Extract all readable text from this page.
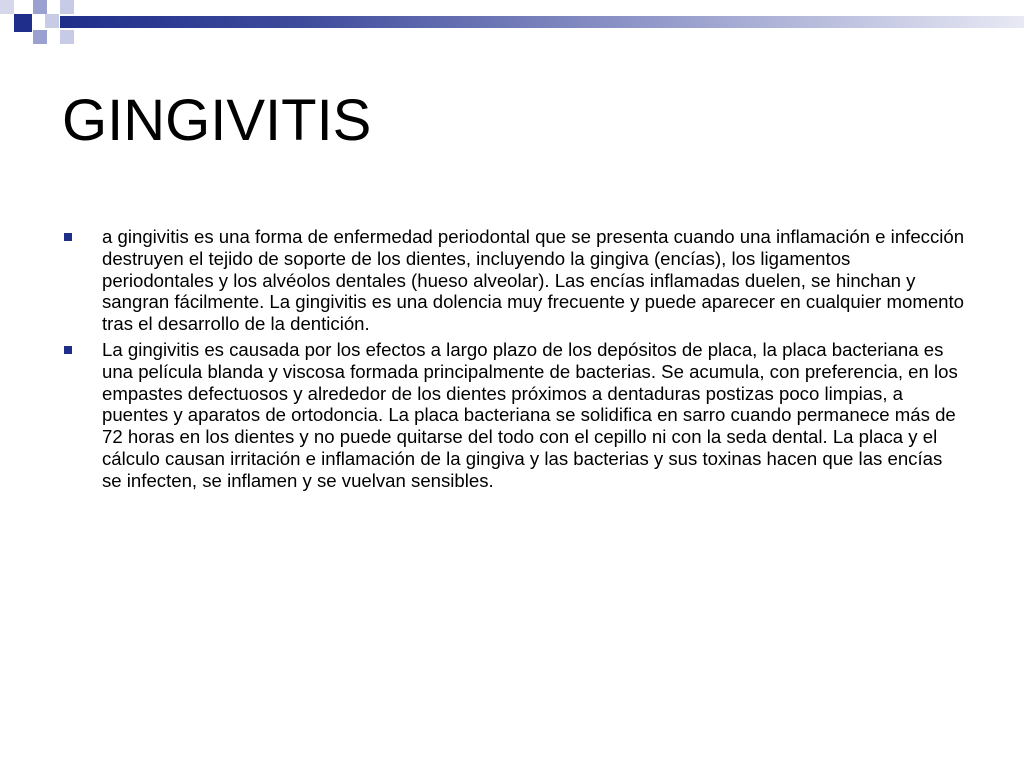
GINGIVITIS
a gingivitis es una forma de enfermedad periodontal que se presenta cuando una inflamación e infección destruyen el tejido de soporte de los dientes, incluyendo la gingiva (encías), los ligamentos periodontales y los alvéolos dentales (hueso alveolar). Las encías inflamadas duelen, se hinchan y sangran fácilmente. La gingivitis es una dolencia muy frecuente y puede aparecer en cualquier momento tras el desarrollo de la dentición.
La gingivitis es causada por los efectos a largo plazo de los depósitos de placa, la placa bacteriana es una película blanda y viscosa formada principalmente de bacterias. Se acumula, con preferencia, en los empastes defectuosos y alrededor de los dientes próximos a dentaduras postizas poco limpias, a puentes y aparatos de ortodoncia. La placa bacteriana se solidifica en sarro cuando permanece más de 72 horas en los dientes y no puede quitarse del todo con el cepillo ni con la seda dental. La placa y el cálculo causan irritación e inflamación de la gingiva y las bacterias y sus toxinas hacen que las encías se infecten, se inflamen y se vuelvan sensibles.
